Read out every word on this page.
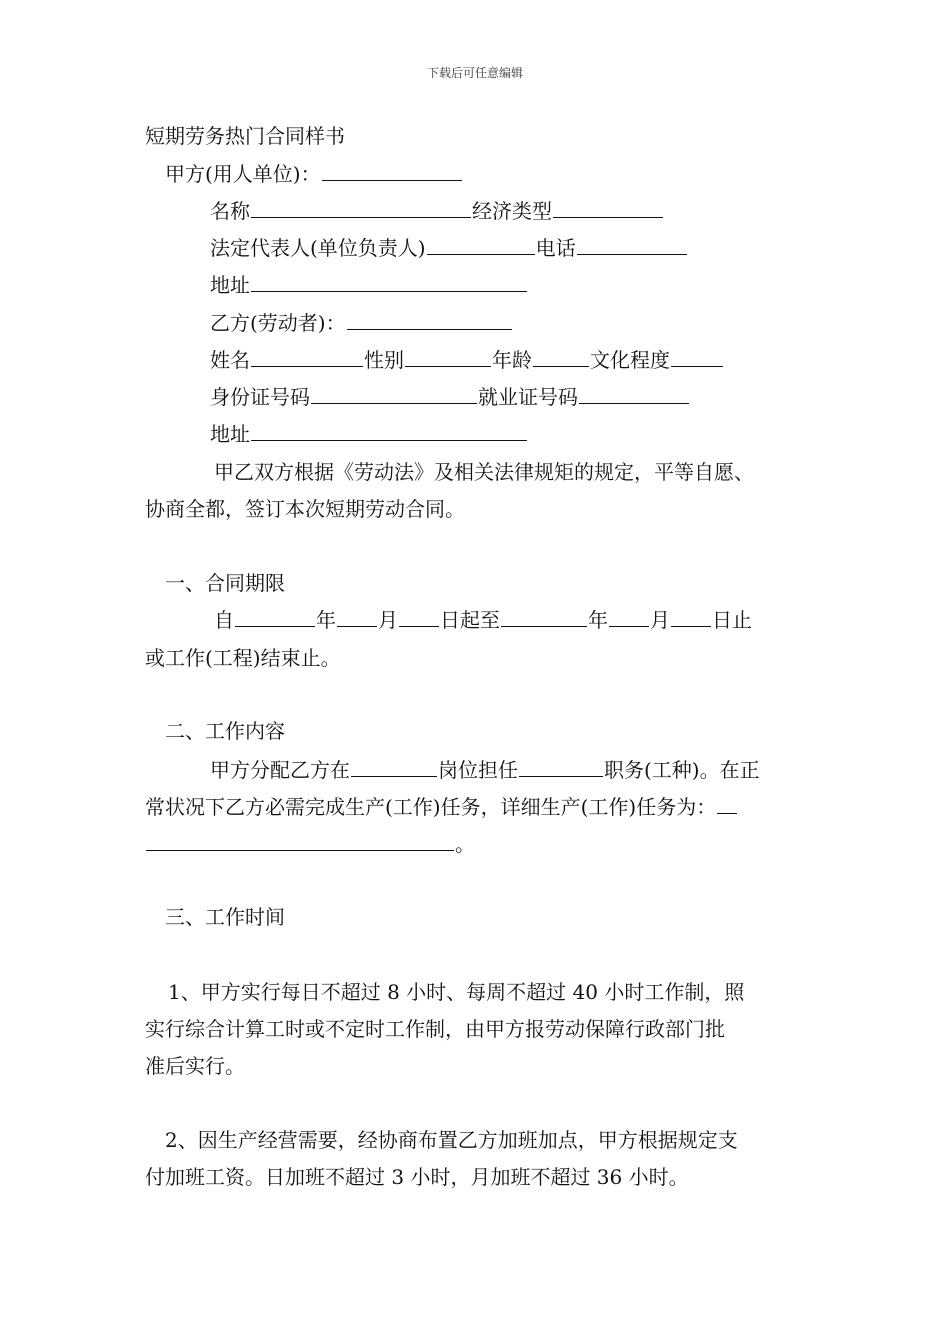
下载后可任意编辑
短期劳务热门合同样书
甲方(用人单位)：
名称	经济类型
法定代表人(单位负责人)	电话
地址
乙方(劳动者)：
姓名	性别	年龄	文化程度
身份证号码	就业证号码
地址
甲乙双方根据《劳动法》及相关法律规矩的规定，平等自愿、
协商全都，签订本次短期劳动合同。
一、合同期限
自	年 月 日起至	年 月 日止
或工作(工程)结束止。
二、工作内容
甲方分配乙方在	岗位担任	职务(工种)。在正
常状况下乙方必需完成生产(工作)任务，详细生产(工作)任务为：
。
三、工作时间
1、甲方实行每日不超过 8 小时、每周不超过 40 小时工作制，照
实行综合计算工时或不定时工作制，由甲方报劳动保障行政部门批
准后实行。
2、因生产经营需要，经协商布置乙方加班加点，甲方根据规定支
付加班工资。日加班不超过 3 小时，月加班不超过 36 小时。
